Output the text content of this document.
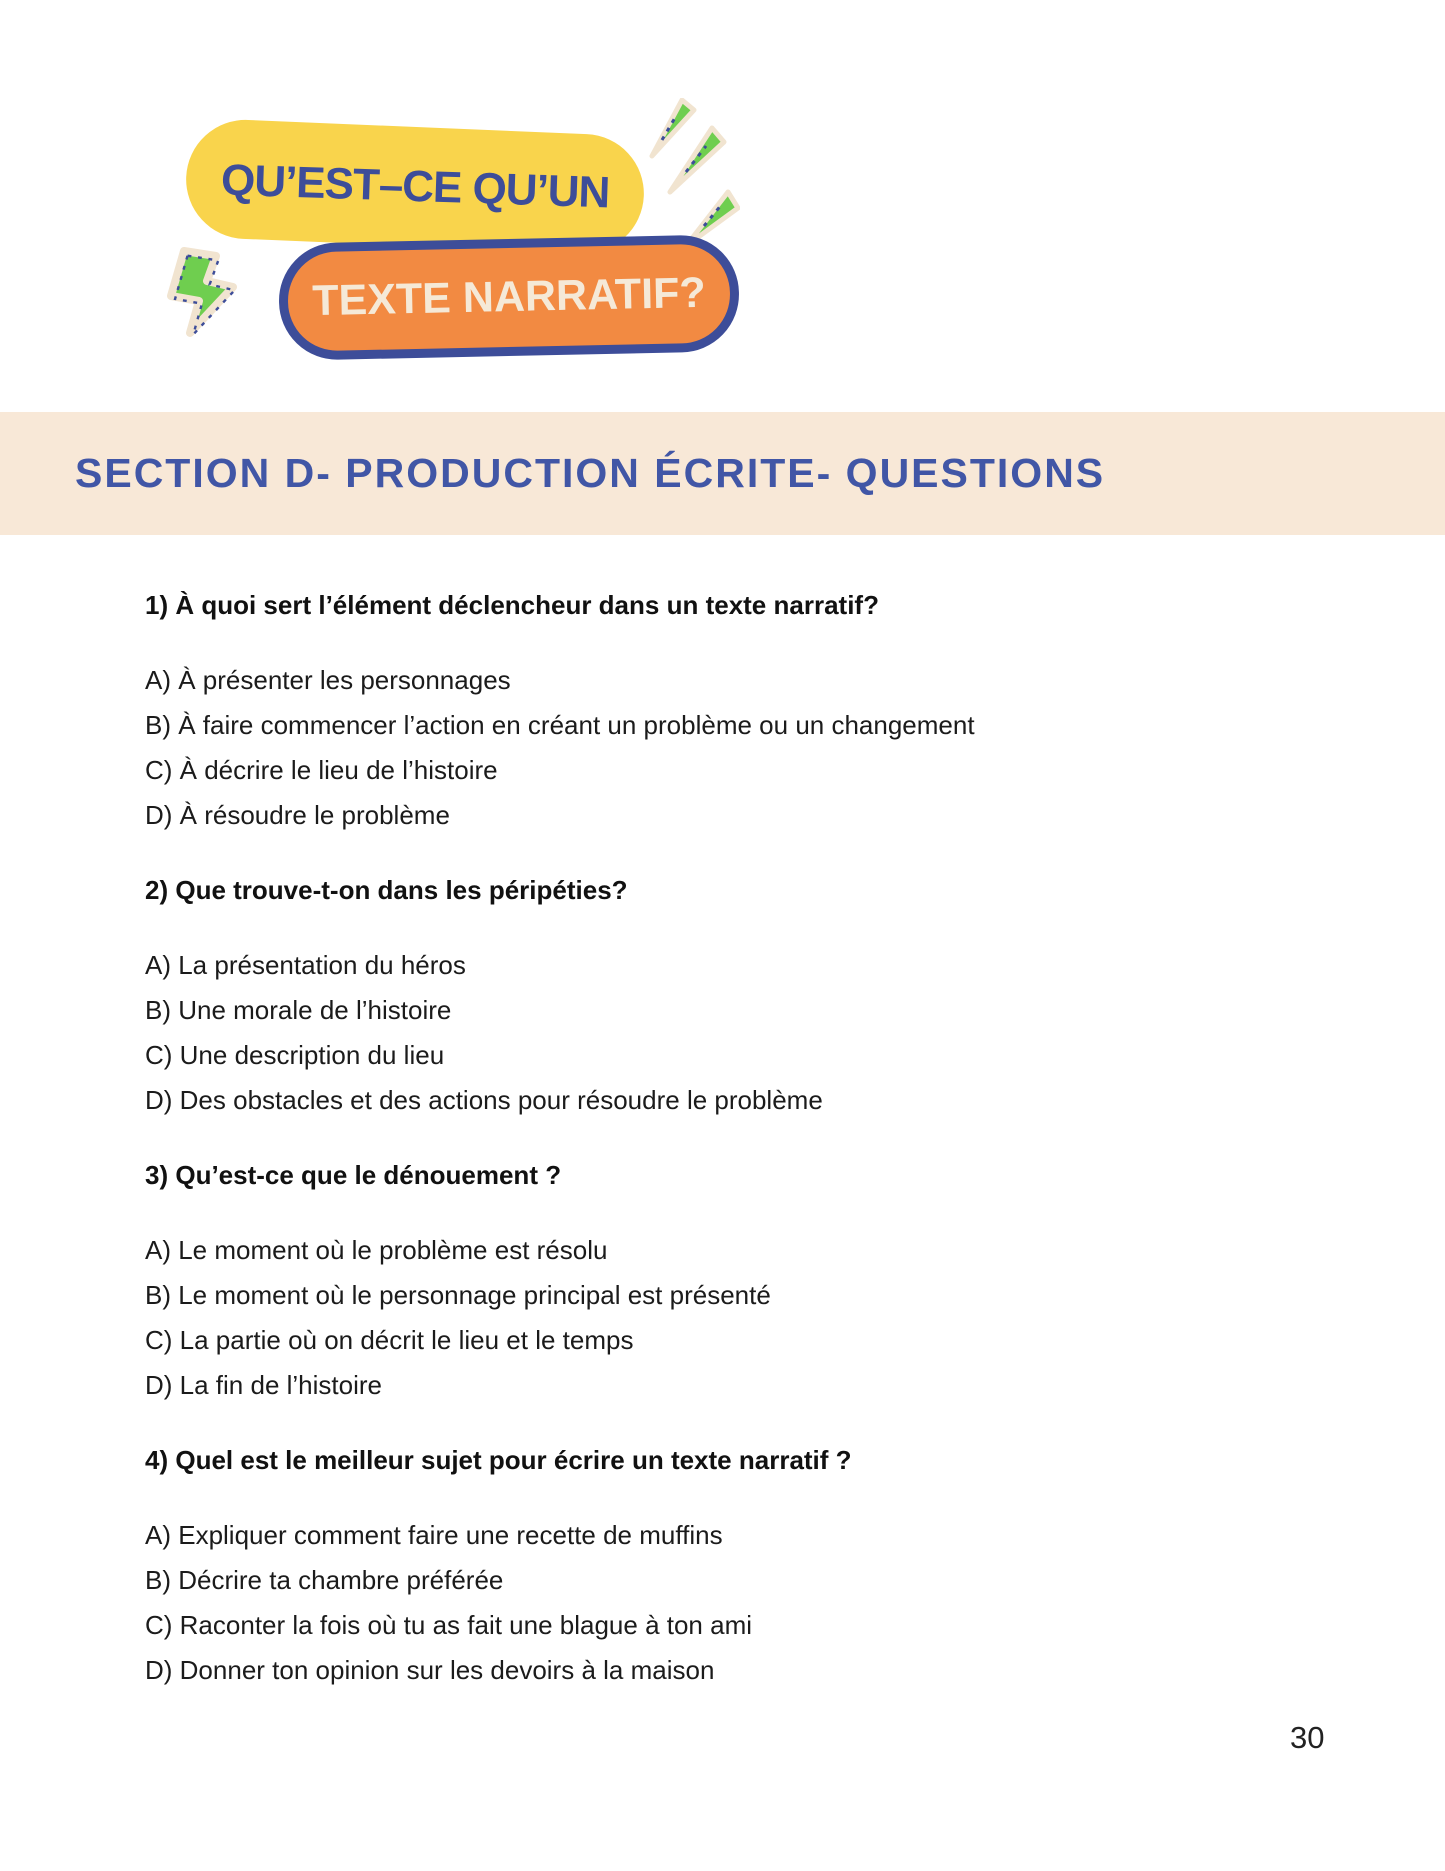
QU’EST–CE QU’UN
TEXTE NARRATIF?
SECTION D- PRODUCTION ÉCRITE- QUESTIONS
1) À quoi sert l’élément déclencheur dans un texte narratif?

A) À présenter les personnages

B) À faire commencer l’action en créant un problème ou un changement

C) À décrire le lieu de l’histoire

D) À résoudre le problème

2) Que trouve-t-on dans les péripéties?

A) La présentation du héros

B) Une morale de l’histoire

C) Une description du lieu

D) Des obstacles et des actions pour résoudre le problème

3) Qu’est-ce que le dénouement ?

A) Le moment où le problème est résolu

B) Le moment où le personnage principal est présenté

C) La partie où on décrit le lieu et le temps

D) La fin de l’histoire

4) Quel est le meilleur sujet pour écrire un texte narratif ?

A) Expliquer comment faire une recette de muffins

B) Décrire ta chambre préférée

C) Raconter la fois où tu as fait une blague à ton ami

D) Donner ton opinion sur les devoirs à la maison

30
